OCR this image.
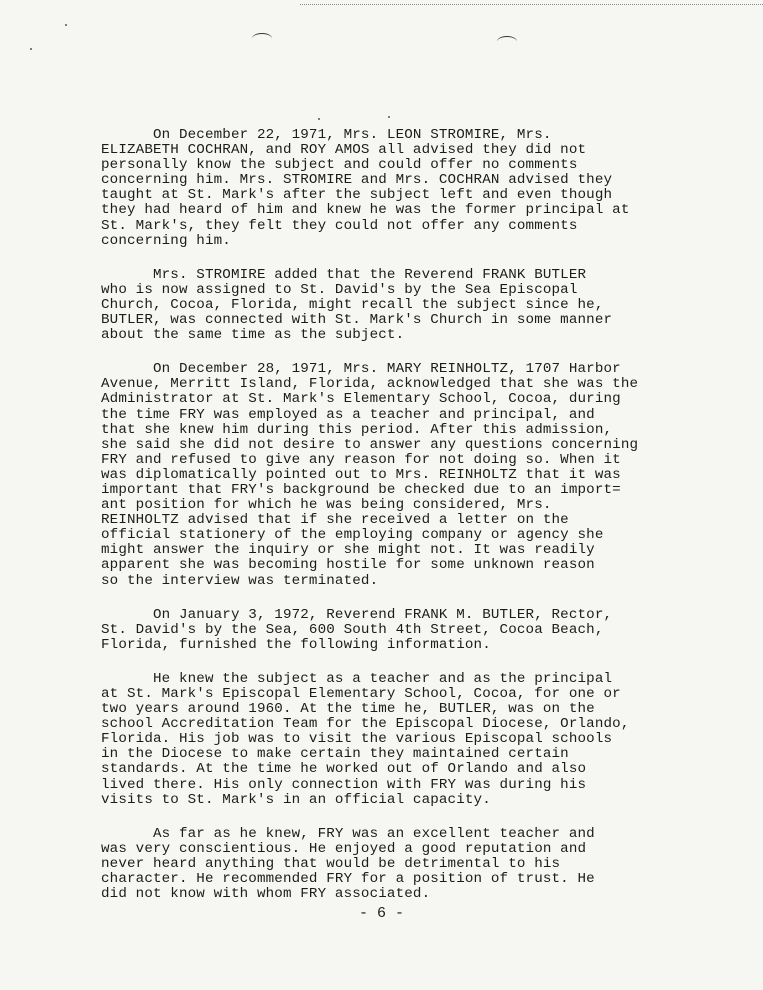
On December 22, 1971, Mrs. LEON STROMIRE, Mrs.
ELIZABETH COCHRAN, and ROY AMOS all advised they did not
personally know the subject and could offer no comments
concerning him. Mrs. STROMIRE and Mrs. COCHRAN advised they
taught at St. Mark's after the subject left and even though
they had heard of him and knew he was the former principal at
St. Mark's, they felt they could not offer any comments
concerning him.

Mrs. STROMIRE added that the Reverend FRANK BUTLER
who is now assigned to St. David's by the Sea Episcopal
Church, Cocoa, Florida, might recall the subject since he,
BUTLER, was connected with St. Mark's Church in some manner
about the same time as the subject.

On December 28, 1971, Mrs. MARY REINHOLTZ, 1707 Harbor
Avenue, Merritt Island, Florida, acknowledged that she was the
Administrator at St. Mark's Elementary School, Cocoa, during
the time FRY was employed as a teacher and principal, and
that she knew him during this period. After this admission,
she said she did not desire to answer any questions concerning
FRY and refused to give any reason for not doing so. When it
was diplomatically pointed out to Mrs. REINHOLTZ that it was
important that FRY's background be checked due to an import=
ant position for which he was being considered, Mrs.
REINHOLTZ advised that if she received a letter on the
official stationery of the employing company or agency she
might answer the inquiry or she might not. It was readily
apparent she was becoming hostile for some unknown reason
so the interview was terminated.

On January 3, 1972, Reverend FRANK M. BUTLER, Rector,
St. David's by the Sea, 600 South 4th Street, Cocoa Beach,
Florida, furnished the following information.

He knew the subject as a teacher and as the principal
at St. Mark's Episcopal Elementary School, Cocoa, for one or
two years around 1960. At the time he, BUTLER, was on the
school Accreditation Team for the Episcopal Diocese, Orlando,
Florida. His job was to visit the various Episcopal schools
in the Diocese to make certain they maintained certain
standards. At the time he worked out of Orlando and also
lived there. His only connection with FRY was during his
visits to St. Mark's in an official capacity.

As far as he knew, FRY was an excellent teacher and
was very conscientious. He enjoyed a good reputation and
never heard anything that would be detrimental to his
character. He recommended FRY for a position of trust. He
did not know with whom FRY associated.

- 6 -
